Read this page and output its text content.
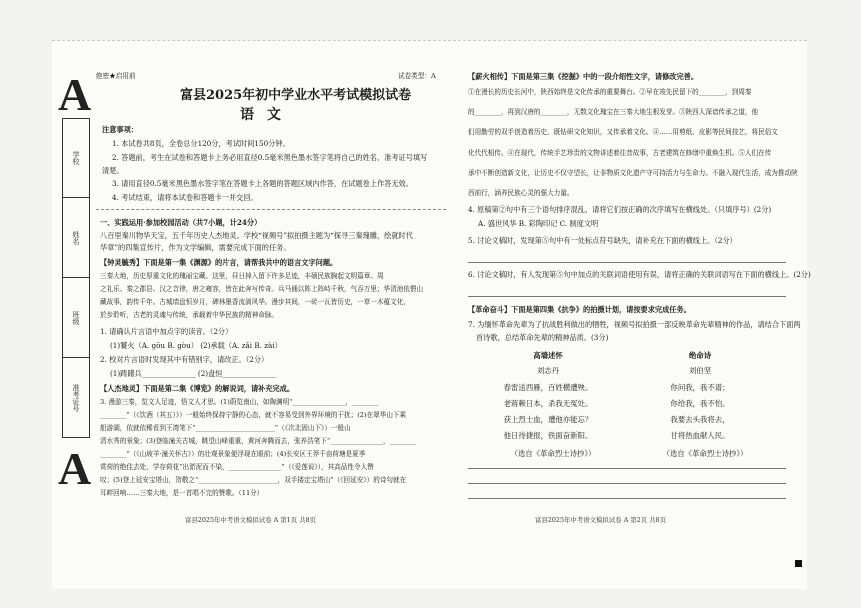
A
A
学校
姓名
班级
准考证号
绝密★启用前	试卷类型：A
富县2025年初中学业水平考试模拟试卷
语 文
注意事项：
1. 本试卷共8页，全卷总分120分，考试时间150分钟。
2. 答题前，考生在试卷和答题卡上务必用直径0.5毫米黑色墨水签字笔将自己的姓名、准考证号填写
清楚。
3. 请用直径0.5毫米黑色墨水签字笔在答题卡上各题的答题区域内作答，在试题卷上作答无效。
4. 考试结束，请将本试卷和答题卡一并交回。
一、实践运用·参加校园活动（共7小题，计24分）
八百里秦川物华天宝，五千年历史人杰地灵。学校“视频号”拟拍摄主题为“探寻三秦瑰雕，绘就时代
华章”的四集宣传片，作为文学编辑，需要完成下面的任务。
【钟灵毓秀】下面是第一集《渊源》的片言，请帮我共中的语言文字问题。
三秦大地，历史厚重文化的瑰丽宝藏。这里，昼日掉入留下许多足迹，丰硕民族胸起文明篇章。周
之礼乐、秦之郡县、汉之音律，唐之雍容，皆在此奔写传奇。兵马俑以阵上阵峙千秋，气吞万里；华清池依偎山
藏故事，韵传千年。古城墙盘恒岁月，碑林墨香流淌风华。漫步其间，一砖一瓦皆历史，一草一木蕴文化，
於步聆听，古老的灵魂与传统，承载着中华民族的精神命脉。
1. 请确认片言语中加点字的读音。（2分）
(1)饕火（A. gōu B. gòu） (2)承载（A. zǎi B. zài）
2. 校对片言语时发现其中有错别字，请改正。（2分）
(1)踌躇兵_______________ (2)盘恒_______________
【人杰地灵】下面是第二集《博览》的解说词，请补充完成。
3. 漫游三秦，览文人足迹，悟文人才思。(1)蔚览南山，如陶渊明“________________，________
________”（《饮酒（其五）》）一般始终保持宁静的心态，就不容易受到外界环境的干扰；(2)在翠华山下乘
船游湖，依就依稀看到王湾笔下“________________________”（《次北固山下》）一般山
清水秀的景象；(3)登临潼关古城，眺望山峰重重，黄河奔腾而去，张养浩笔下“________________，________
________”（《山坡羊·潼关怀古》）的壮观景象便浮现在眼前；(4)长安区王莽千亩荷塘是夏季
赏荷的绝佳去处，学存荷花“出淤泥而不染，________________”（《爱莲说》），其高品性令人赞
叹；(5)登上延安宝塔山，贺敬之“________________________，双手搂定宝塔山”（《回延安》）的诗句就在
耳畔回响……三秦大地，是一首唱不完的赞歌。（11分）
富县2025年中考语文模拟试卷 A 第1页 共8页
【薪火相传】下面是第三集《挖掘》中的一段介绍性文字，请修改完善。
①在漫长的历史长河中，陕西始终是文化传承的重要舞台。②早在竣先民留下的________，到周秦
的________，再到汉唐的________，无数文化瑰宝在三秦大地生根发芽。③陕西人深谙传承之道，他
们用勤劳的双手创造着历史，既钻研文化知识，又传承着文化。④……用剪纸、皮影等民间技艺，将民俗文
化代代相传。④在现代，传统手艺珍贵的文物讲述着往昔故事，古老建筑在修缮中重焕生机。⑤人们在传
承中不断创造新文化，让历史不仅守望长，让非物质文化遗产守可持活力与生命力。不融入现代生活，成为推动陕
西前行，涵养民族心灵的强大力量。
4. 原稿第②句中有三个语句排序混乱，请将它们按正确的次序填写在横线处。（只填序号）(2分)
A. 盛世风华 B. 彩陶印记 C. 制度文明
5. 讨论文稿时，发现第⑤句中有一处标点符号缺失，请补充在下面的横线上。（2分）
6. 讨论文稿时，有人发现第⑤句中加点的关联词语使用有误，请将正确的关联词语写在下面的横线上。(2分)
【革命奋斗】下面是第四集《抗争》的拍摄计划，请按要求完成任务。
7. 为缅怀革命先辈为了抗战胜利做出的牺牲，视频号拟拍摄一部反映革命先辈精神的作品，请结合下面两
首诗歌，总结革命先辈的精神品质。(3分)
高墙述怀
刘志丹
春雷送西雁，百姓横遭殃。
老蒋赖日本，杀我无冤处。
获上烈士血，遭他亦能忘？
他日待捷报，铁面奋新阳。
（选自《革命烈士诗抄》）
绝命诗
刘伯坚
你问我，我不谱；
你给我，我不怕。
我要去头我将去，
甘将热血献人民。
（选自《革命烈士诗抄》）
富县2025年中考语文模拟试卷 A 第2页 共8页
